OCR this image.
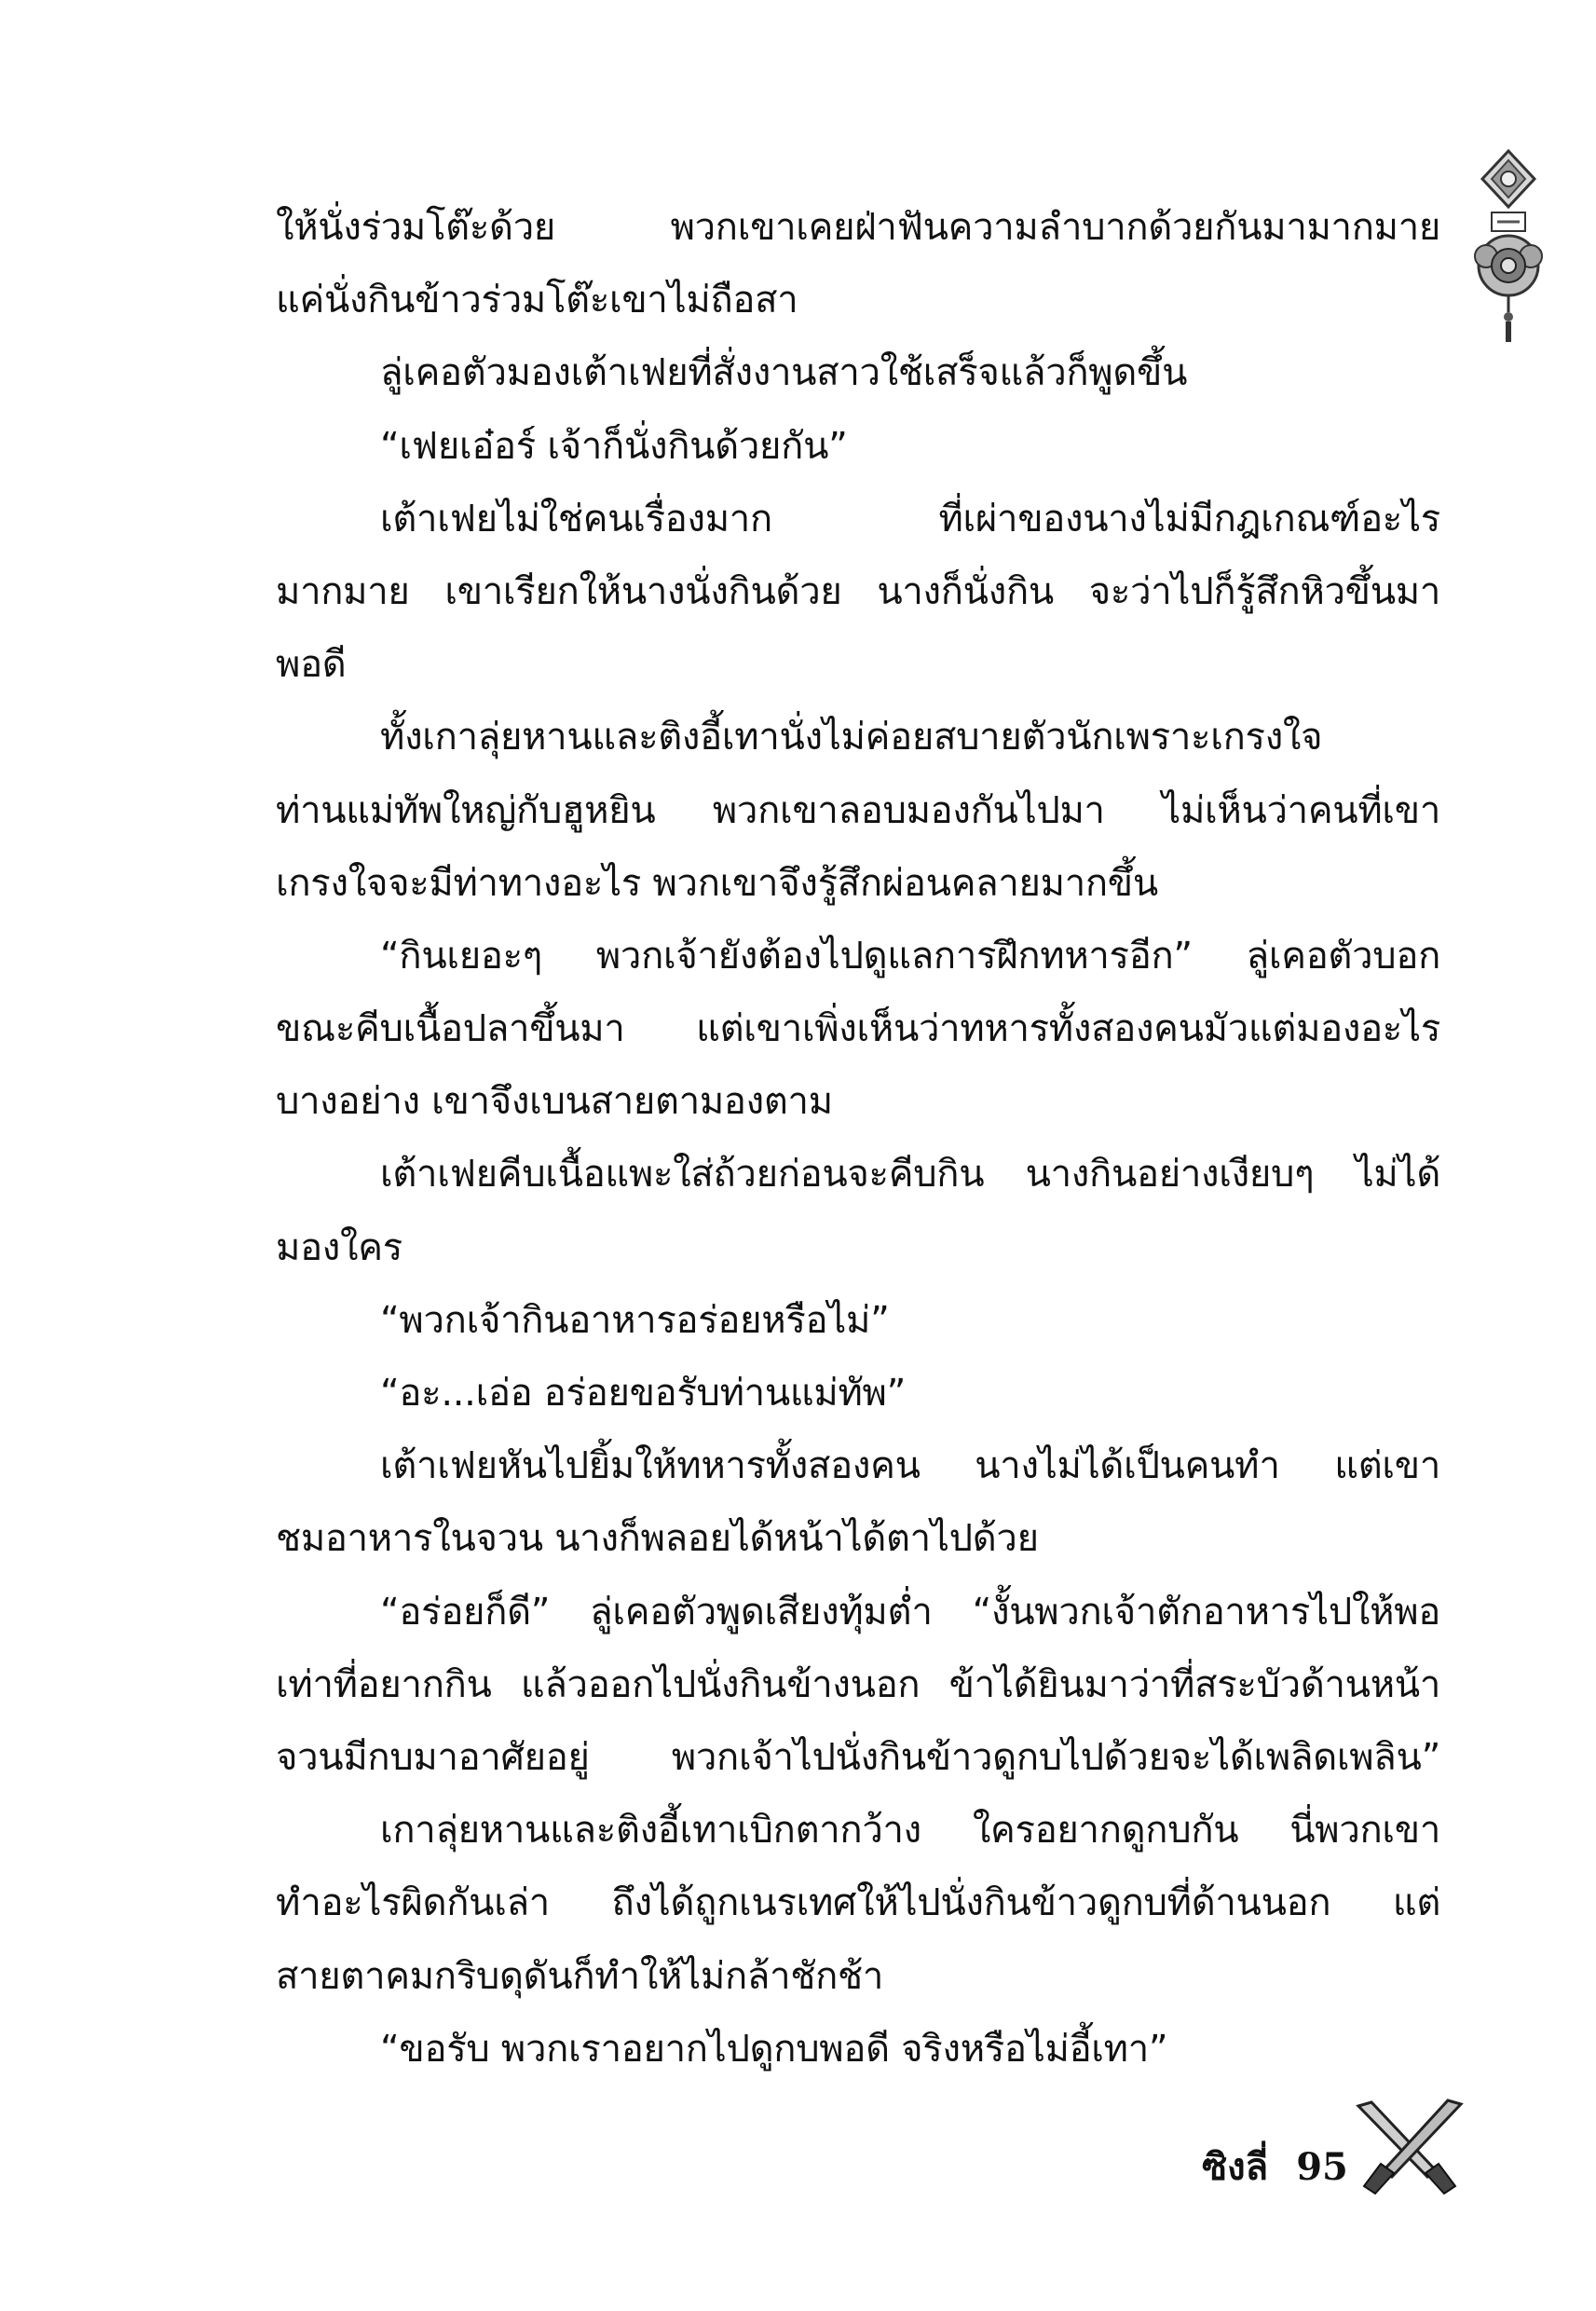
ให้นั่งร่วมโต๊ะด้วย พวกเขาเคยฝ่าฟันความลำบากด้วยกันมามากมาย
แค่นั่งกินข้าวร่วมโต๊ะเขาไม่ถือสา
ลู่เคอตัวมองเต้าเฟยที่สั่งงานสาวใช้เสร็จแล้วก็พูดขึ้น
“เฟยเอ๋อร์ เจ้าก็นั่งกินด้วยกัน”
เต้าเฟยไม่ใช่คนเรื่องมาก ที่เผ่าของนางไม่มีกฎเกณฑ์อะไร
มากมาย เขาเรียกให้นางนั่งกินด้วย นางก็นั่งกิน จะว่าไปก็รู้สึกหิวขึ้นมา
พอดี
ทั้งเกาลุ่ยหานและติงอี้เทานั่งไม่ค่อยสบายตัวนักเพราะเกรงใจ
ท่านแม่ทัพใหญ่กับฮูหยิน พวกเขาลอบมองกันไปมา ไม่เห็นว่าคนที่เขา
เกรงใจจะมีท่าทางอะไร พวกเขาจึงรู้สึกผ่อนคลายมากขึ้น
“กินเยอะๆ พวกเจ้ายังต้องไปดูแลการฝึกทหารอีก” ลู่เคอตัวบอก
ขณะคีบเนื้อปลาขึ้นมา แต่เขาเพิ่งเห็นว่าทหารทั้งสองคนมัวแต่มองอะไร
บางอย่าง เขาจึงเบนสายตามองตาม
เต้าเฟยคีบเนื้อแพะใส่ถ้วยก่อนจะคีบกิน นางกินอย่างเงียบๆ ไม่ได้
มองใคร
“พวกเจ้ากินอาหารอร่อยหรือไม่”
“อะ...เอ่อ อร่อยขอรับท่านแม่ทัพ”
เต้าเฟยหันไปยิ้มให้ทหารทั้งสองคน นางไม่ได้เป็นคนทำ แต่เขา
ชมอาหารในจวน นางก็พลอยได้หน้าได้ตาไปด้วย
“อร่อยก็ดี” ลู่เคอตัวพูดเสียงทุ้มต่ำ “งั้นพวกเจ้าตักอาหารไปให้พอ
เท่าที่อยากกิน แล้วออกไปนั่งกินข้างนอก ข้าได้ยินมาว่าที่สระบัวด้านหน้า
จวนมีกบมาอาศัยอยู่ พวกเจ้าไปนั่งกินข้าวดูกบไปด้วยจะได้เพลิดเพลิน”
เกาลุ่ยหานและติงอี้เทาเบิกตากว้าง ใครอยากดูกบกัน นี่พวกเขา
ทำอะไรผิดกันเล่า ถึงได้ถูกเนรเทศให้ไปนั่งกินข้าวดูกบที่ด้านนอก แต่
สายตาคมกริบดุดันก็ทำให้ไม่กล้าชักช้า
“ขอรับ พวกเราอยากไปดูกบพอดี จริงหรือไม่อี้เทา”
ซิงลี่ 95
